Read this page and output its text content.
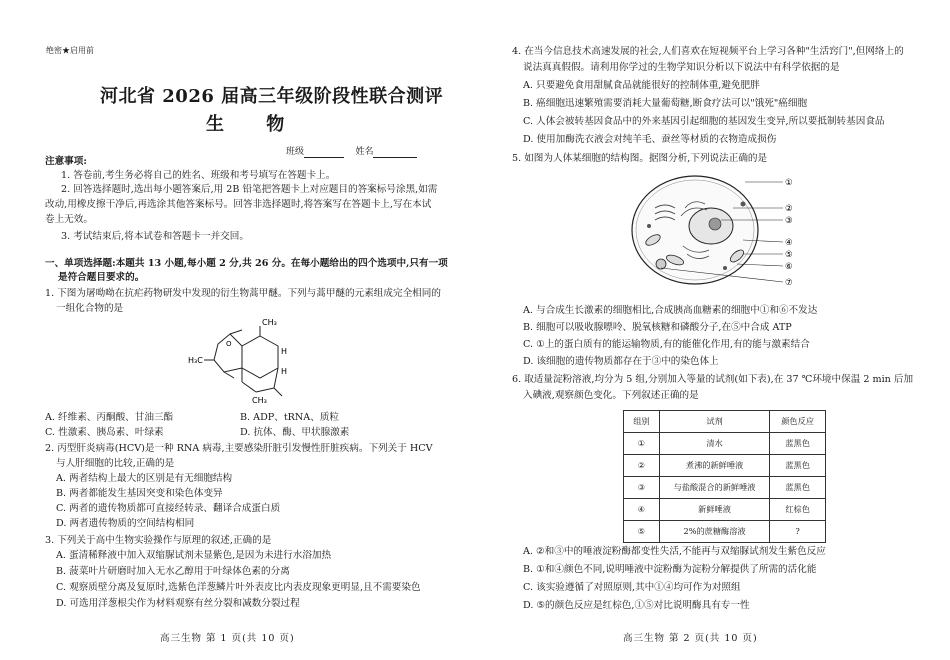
绝密★启用前
河北省 2026 届高三年级阶段性联合测评
生 物
班级	姓名
注意事项:
1. 答卷前,考生务必将自己的姓名、班级和考号填写在答题卡上。
2. 回答选择题时,选出每小题答案后,用 2B 铅笔把答题卡上对应题目的答案标号涂黑,如需
改动,用橡皮擦干净后,再选涂其他答案标号。回答非选择题时,将答案写在答题卡上,写在本试
卷上无效。
3. 考试结束后,将本试卷和答题卡一并交回。
一、单项选择题:本题共 13 小题,每小题 2 分,共 26 分。在每小题给出的四个选项中,只有一项
是符合题目要求的。
1. 下图为屠呦呦在抗疟药物研发中发现的衍生物蒿甲醚。下列与蒿甲醚的元素组成完全相同的
一组化合物的是
CH₃
H₃C
H
H
CH₃
O
A. 纤维素、丙酮酸、甘油三酯	B. ADP、tRNA、质粒
C. 性激素、胰岛素、叶绿素	D. 抗体、酶、甲状腺激素
2. 丙型肝炎病毒(HCV)是一种 RNA 病毒,主要感染肝脏引发慢性肝脏疾病。下列关于 HCV
与人肝细胞的比较,正确的是
A. 两者结构上最大的区别是有无细胞结构
B. 两者都能发生基因突变和染色体变异
C. 两者的遗传物质都可直接经转录、翻译合成蛋白质
D. 两者遗传物质的空间结构相同
3. 下列关于高中生物实验操作与原理的叙述,正确的是
A. 蛋清稀释液中加入双缩脲试剂未显紫色,是因为未进行水浴加热
B. 菠菜叶片研磨时加入无水乙醇用于叶绿体色素的分离
C. 观察质壁分离及复原时,选紫色洋葱鳞片叶外表皮比内表皮现象更明显,且不需要染色
D. 可选用洋葱根尖作为材料观察有丝分裂和减数分裂过程
高三生物 第 1 页(共 10 页)
4. 在当今信息技术高速发展的社会,人们喜欢在短视频平台上学习各种"生活窍门",但网络上的
说法真真假假。请利用你学过的生物学知识分析以下说法中有科学依据的是
A. 只要避免食用甜腻食品就能很好的控制体重,避免肥胖
B. 癌细胞迅速繁殖需要消耗大量葡萄糖,断食疗法可以"饿死"癌细胞
C. 人体会被转基因食品中的外来基因引起细胞的基因发生变异,所以要抵制转基因食品
D. 使用加酶洗衣液会对纯羊毛、蚕丝等材质的衣物造成损伤
5. 如图为人体某细胞的结构图。据图分析,下列说法正确的是
①
②
③
④
⑤
⑥
⑦
A. 与合成生长激素的细胞相比,合成胰高血糖素的细胞中①和⑥不发达
B. 细胞可以吸收腺嘌呤、脱氧核糖和磷酸分子,在⑤中合成 ATP
C. ①上的蛋白质有的能运输物质,有的能催化作用,有的能与激素结合
D. 该细胞的遗传物质都存在于③中的染色体上
6. 取适量淀粉溶液,均分为 5 组,分别加入等量的试剂(如下表),在 37 ℃环境中保温 2 min 后加
入碘液,观察颜色变化。下列叙述正确的是
组别	试剂	颜色反应
①	清水	蓝黑色
②	煮沸的新鲜唾液	蓝黑色
③	与盐酸混合的新鲜唾液	蓝黑色
④	新鲜唾液	红棕色
⑤	2%的蔗糖酶溶液	?
A. ②和③中的唾液淀粉酶都变性失活,不能再与双缩脲试剂发生紫色反应
B. ①和④颜色不同,说明唾液中淀粉酶为淀粉分解提供了所需的活化能
C. 该实验遵循了对照原则,其中①④均可作为对照组
D. ⑤的颜色反应是红棕色,①⑤对比说明酶具有专一性
高三生物 第 2 页(共 10 页)
